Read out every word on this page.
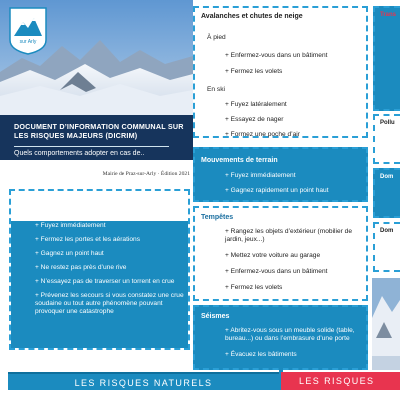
Praz
sur Arly
DOCUMENT D’INFORMATION COMMUNAL SUR LES RISQUES MAJEURS (DICRIM)
Quels comportements adopter en cas de..
Mairie de Praz-sur-Arly · Édition 2021
Crues torrentielles, inondations et coulées de boue
+ Fuyez immédiatement
+ Fermez les portes et les aérations
+ Gagnez un point haut
+ Ne restez pas près d’une rive
+ N’essayez pas de traverser un torrent en crue
+ Prévenez les secours si vous constatez une crue soudaine ou tout autre phénomène pouvant provoquer une catastrophe
Avalanches et chutes de neige
À pied
+ Enfermez-vous dans un bâtiment
+ Fermez les volets
En ski
+ Fuyez latéralement
+ Essayez de nager
+ Formez une poche d’air
Mouvements de terrain
+ Fuyez immédiatement
+ Gagnez rapidement un point haut
Tempêtes
+ Rangez les objets d’extérieur (mobilier de jardin, jeux...)
+ Mettez votre voiture au garage
+ Enfermez-vous dans un bâtiment
+ Fermez les volets
Séismes
+ Abritez-vous sous un meuble solide (table, bureau...) ou dans l’embrasure d’une porte
+ Évacuez les bâtiments
Trans
Pollu
Dom
Dom
LES RISQUES NATURELS	LES RISQUES
